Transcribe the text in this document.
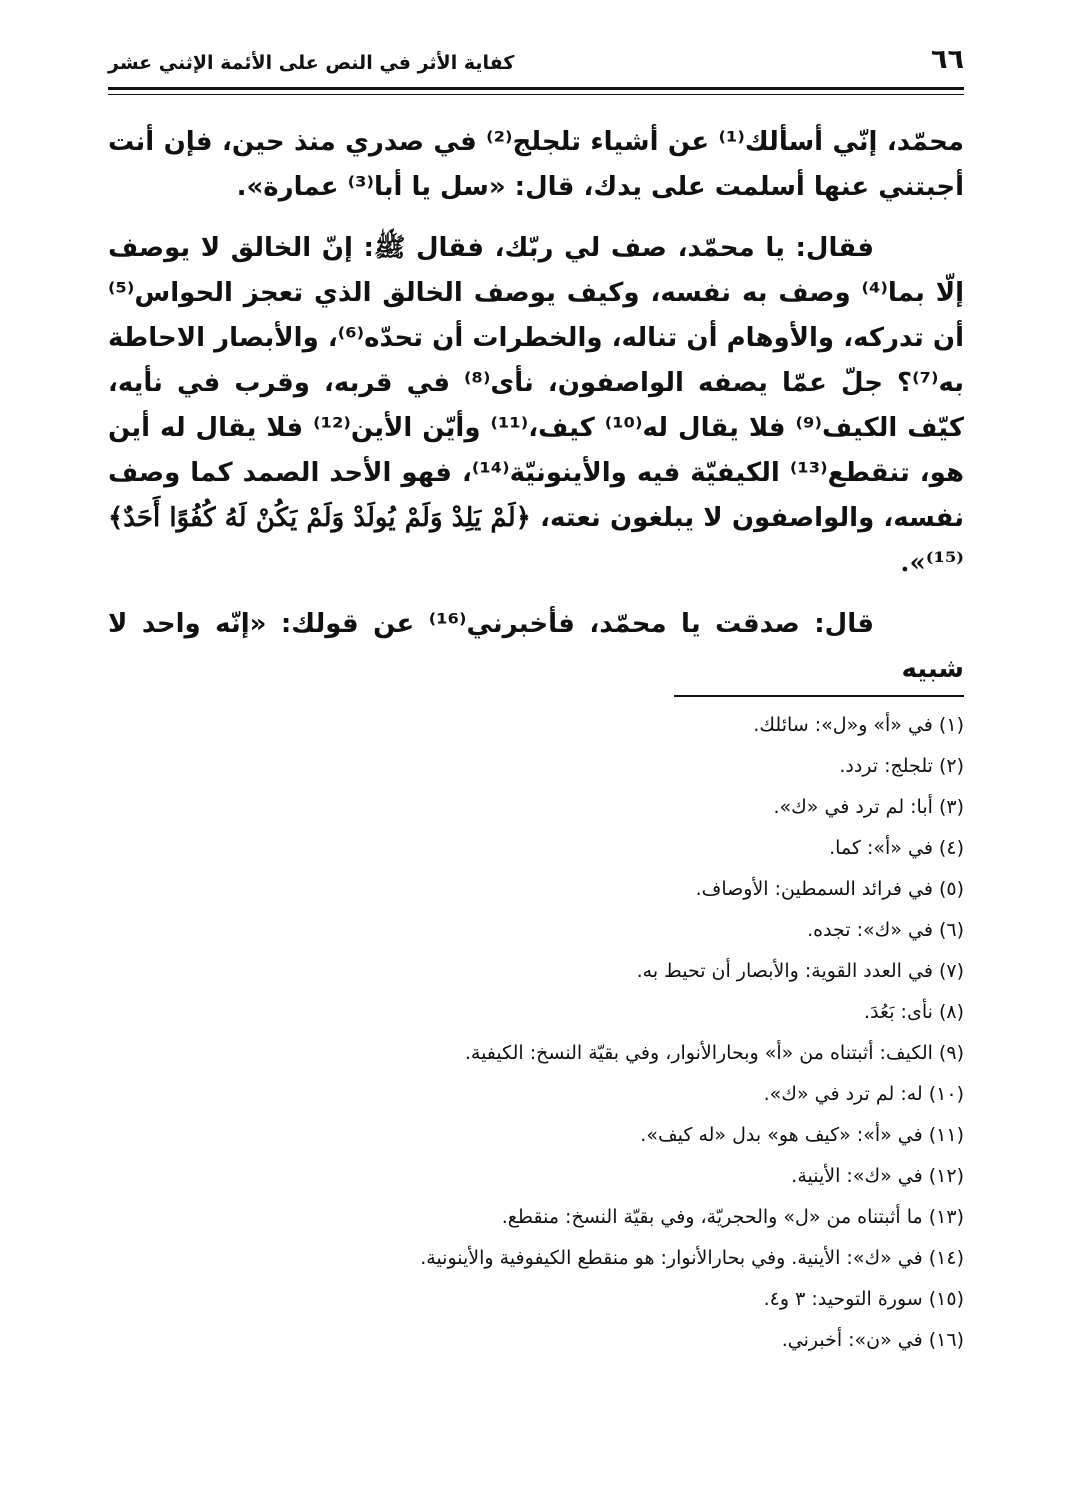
٦٦
كفاية الأثر في النص على الأئمة الإثني عشر

محمّد، إنّي أسألك⁽¹⁾ عن أشياء تلجلج⁽²⁾ في صدري منذ حين، فإن أنت أجبتني عنها أسلمت على يدك، قال: «سل يا أبا⁽³⁾ عمارة».

فقال: يا محمّد، صف لي ربّك، فقال ﷺ: إنّ الخالق لا يوصف إلّا بما⁽⁴⁾ وصف به نفسه، وكيف يوصف الخالق الذي تعجز الحواس⁽⁵⁾ أن تدركه، والأوهام أن تناله، والخطرات أن تحدّه⁽⁶⁾، والأبصار الاحاطة به⁽⁷⁾؟ جلّ عمّا يصفه الواصفون، نأى⁽⁸⁾ في قربه، وقرب في نأيه، كيّف الكيف⁽⁹⁾ فلا يقال له⁽¹⁰⁾ كيف،⁽¹¹⁾ وأيّن الأين⁽¹²⁾ فلا يقال له أين هو، تنقطع⁽¹³⁾ الكيفيّة فيه والأينونيّة⁽¹⁴⁾، فهو الأحد الصمد كما وصف نفسه، والواصفون لا يبلغون نعته، ﴿لَمْ يَلِدْ وَلَمْ يُولَدْ وَلَمْ يَكُنْ لَهُ كُفُوًا أَحَدٌ﴾⁽¹⁵⁾».

قال: صدقت يا محمّد، فأخبرني⁽¹⁶⁾ عن قولك: «إنّه واحد لا شبيه

(١) في «أ» و«ل»: سائلك.
(٢) تلجلج: تردد.
(٣) أبا: لم ترد في «ك».
(٤) في «أ»: كما.
(٥) في فرائد السمطين: الأوصاف.
(٦) في «ك»: تجده.
(٧) في العدد القوية: والأبصار أن تحيط به.
(٨) نأى: بَعُدَ.
(٩) الكيف: أثبتناه من «أ» وبحارالأنوار، وفي بقيّة النسخ: الكيفية.
(١٠) له: لم ترد في «ك».
(١١) في «أ»: «كيف هو» بدل «له كيف».
(١٢) في «ك»: الأينية.
(١٣) ما أثبتناه من «ل» والحجريّة، وفي بقيّة النسخ: منقطع.
(١٤) في «ك»: الأينية. وفي بحارالأنوار: هو منقطع الكيفوفية والأينونية.
(١٥) سورة التوحيد: ٣ و٤.
(١٦) في «ن»: أخبرني.
